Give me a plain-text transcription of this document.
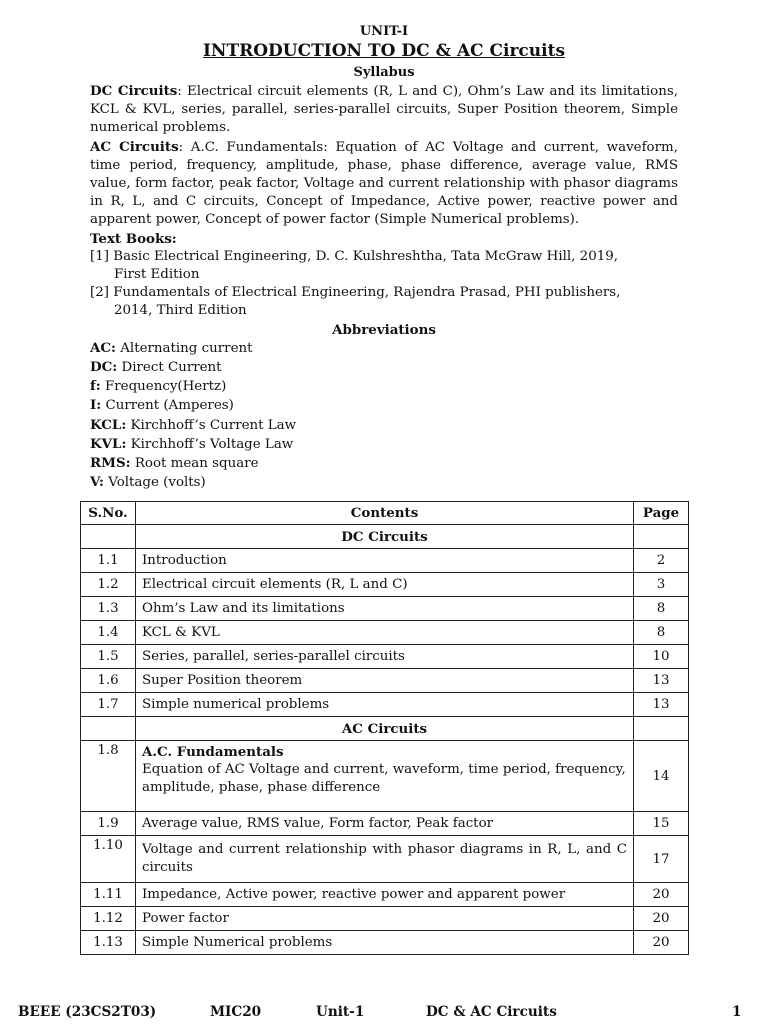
UNIT-I
INTRODUCTION TO DC & AC Circuits
Syllabus
DC Circuits: Electrical circuit elements (R, L and C), Ohm’s Law and its limitations, KCL & KVL, series, parallel, series-parallel circuits, Super Position theorem, Simple numerical problems.
AC Circuits: A.C. Fundamentals: Equation of AC Voltage and current, waveform, time period, frequency, amplitude, phase, phase difference, average value, RMS value, form factor, peak factor, Voltage and current relationship with phasor diagrams in R, L, and C circuits, Concept of Impedance, Active power, reactive power and apparent power, Concept of power factor (Simple Numerical problems).
Text Books:
[1] Basic Electrical Engineering, D. C. Kulshreshtha, Tata McGraw Hill, 2019,
First Edition
[2] Fundamentals of Electrical Engineering, Rajendra Prasad, PHI publishers,
2014, Third Edition
Abbreviations
AC: Alternating current
DC: Direct Current
f: Frequency(Hertz)
I: Current (Amperes)
KCL: Kirchhoff’s Current Law
KVL: Kirchhoff’s Voltage Law
RMS: Root mean square
V: Voltage (volts)
S.No.	Contents	Page
	DC Circuits	
1.1	Introduction	2
1.2	Electrical circuit elements (R, L and C)	3
1.3	Ohm’s Law and its limitations	8
1.4	KCL & KVL	8
1.5	Series, parallel, series-parallel circuits	10
1.6	Super Position theorem	13
1.7	Simple numerical problems	13
	AC Circuits	
1.8	A.C. Fundamentals
Equation of AC Voltage and current, waveform, time period, frequency, amplitude, phase, phase difference	14
1.9	Average value, RMS value, Form factor, Peak factor	15
1.10	Voltage and current relationship with phasor diagrams in R, L, and C circuits	17
1.11	Impedance, Active power, reactive power and apparent power	20
1.12	Power factor	20
1.13	Simple Numerical problems	20
BEEE (23CS2T03)	MIC20	Unit-1	DC & AC Circuits	1
